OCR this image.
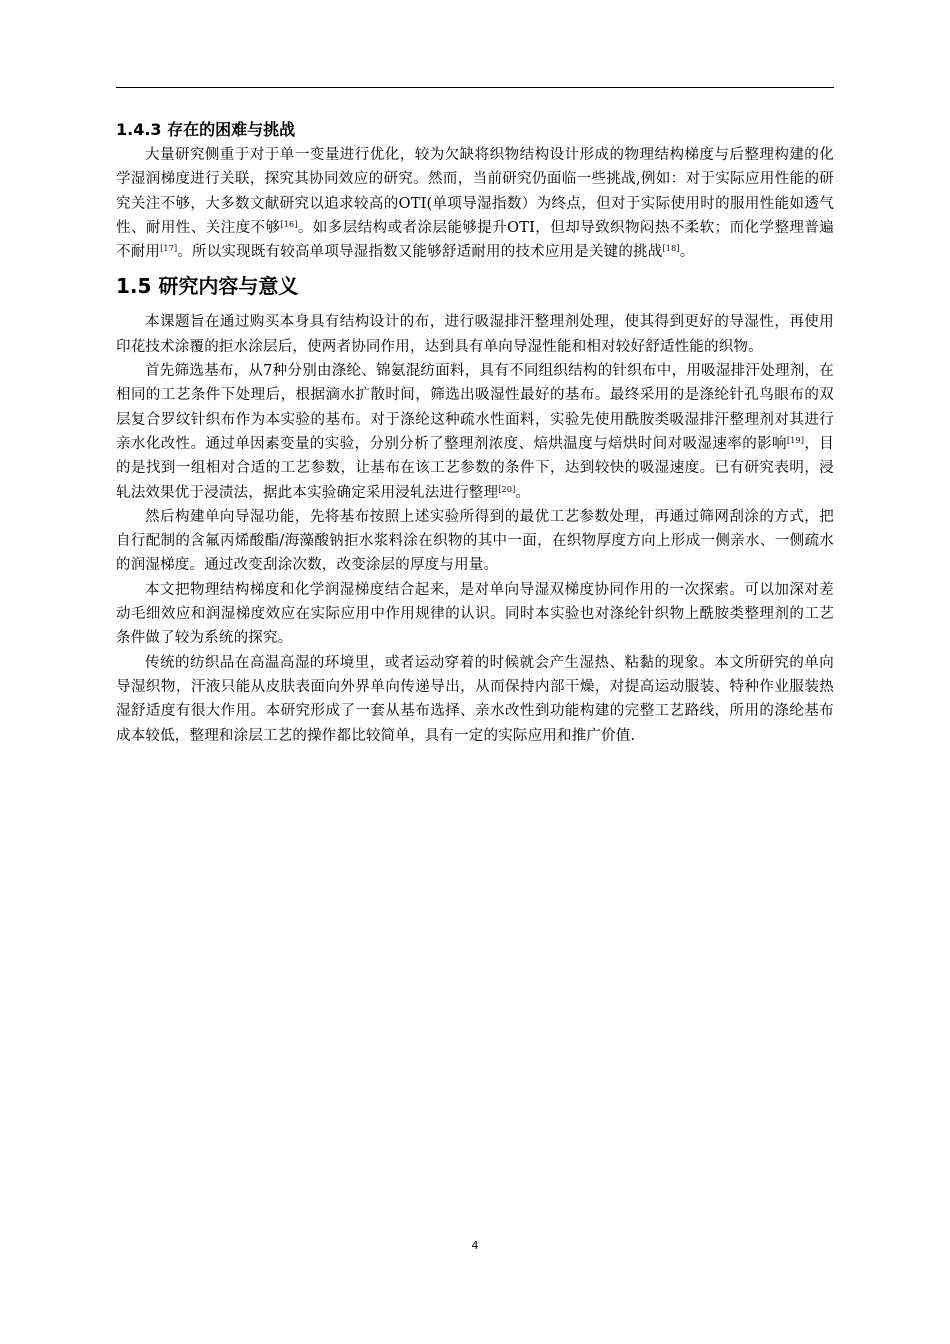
1.4.3 存在的困难与挑战

大量研究侧重于对于单一变量进行优化，较为欠缺将织物结构设计形成的物理结构梯度与后整理构建的化学湿润梯度进行关联，探究其协同效应的研究。然而，当前研究仍面临一些挑战,例如：对于实际应用性能的研究关注不够，大多数文献研究以追求较高的OTI(单项导湿指数）为终点，但对于实际使用时的服用性能如透气性、耐用性、关注度不够[16]。如多层结构或者涂层能够提升OTI，但却导致织物闷热不柔软；而化学整理普遍不耐用[17]。所以实现既有较高单项导湿指数又能够舒适耐用的技术应用是关键的挑战[18]。

1.5 研究内容与意义

本课题旨在通过购买本身具有结构设计的布，进行吸湿排汗整理剂处理，使其得到更好的导湿性，再使用印花技术涂覆的拒水涂层后，使两者协同作用，达到具有单向导湿性能和相对较好舒适性能的织物。

首先筛选基布，从7种分别由涤纶、锦氨混纺面料，具有不同组织结构的针织布中，用吸湿排汗处理剂，在相同的工艺条件下处理后，根据滴水扩散时间，筛选出吸湿性最好的基布。最终采用的是涤纶针孔鸟眼布的双层复合罗纹针织布作为本实验的基布。对于涤纶这种疏水性面料，实验先使用酰胺类吸湿排汗整理剂对其进行亲水化改性。通过单因素变量的实验，分别分析了整理剂浓度、焙烘温度与焙烘时间对吸湿速率的影响[19]，目的是找到一组相对合适的工艺参数，让基布在该工艺参数的条件下，达到较快的吸湿速度。已有研究表明，浸轧法效果优于浸渍法，据此本实验确定采用浸轧法进行整理[20]。

然后构建单向导湿功能，先将基布按照上述实验所得到的最优工艺参数处理，再通过筛网刮涂的方式，把自行配制的含氟丙烯酸酯/海藻酸钠拒水浆料涂在织物的其中一面，在织物厚度方向上形成一侧亲水、一侧疏水的润湿梯度。通过改变刮涂次数，改变涂层的厚度与用量。

本文把物理结构梯度和化学润湿梯度结合起来，是对单向导湿双梯度协同作用的一次探索。可以加深对差动毛细效应和润湿梯度效应在实际应用中作用规律的认识。同时本实验也对涤纶针织物上酰胺类整理剂的工艺条件做了较为系统的探究。

传统的纺织品在高温高湿的环境里，或者运动穿着的时候就会产生湿热、粘黏的现象。本文所研究的单向导湿织物，汗液只能从皮肤表面向外界单向传递导出，从而保持内部干燥，对提高运动服装、特种作业服装热湿舒适度有很大作用。本研究形成了一套从基布选择、亲水改性到功能构建的完整工艺路线，所用的涤纶基布成本较低，整理和涂层工艺的操作都比较简单，具有一定的实际应用和推广价值.

4
